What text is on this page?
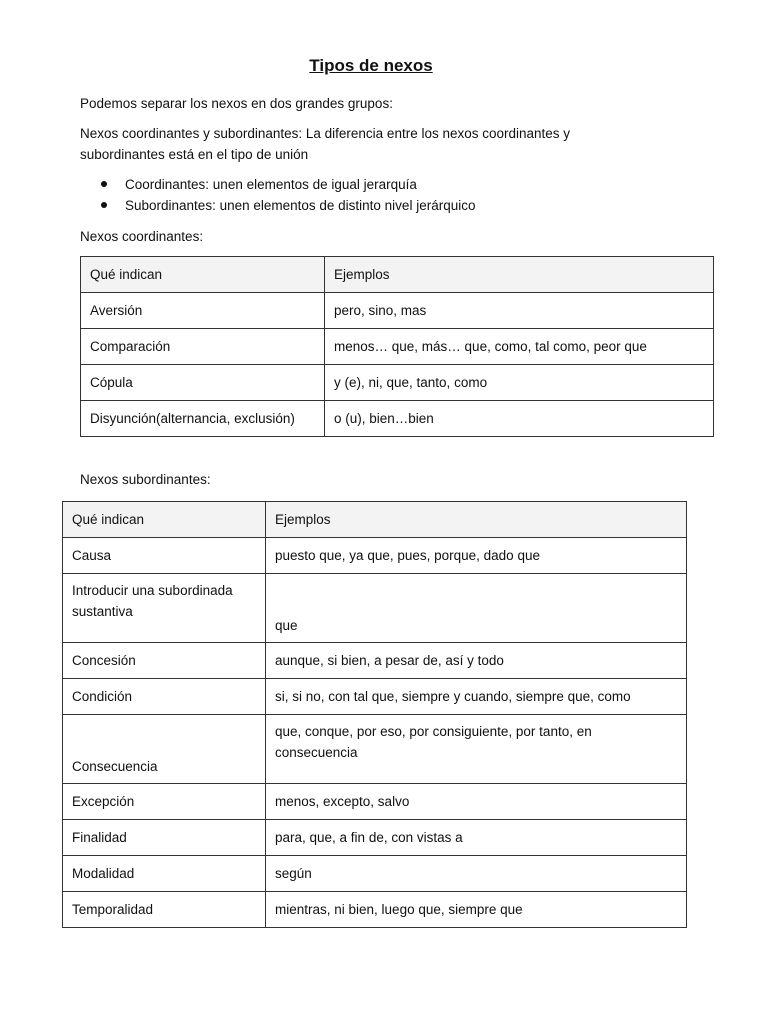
Tipos de nexos
Podemos separar los nexos en dos grandes grupos:
Nexos coordinantes y subordinantes: La diferencia entre los nexos coordinantes y
subordinantes está en el tipo de unión
Coordinantes: unen elementos de igual jerarquía
Subordinantes: unen elementos de distinto nivel jerárquico
Nexos coordinantes:
Qué indican	Ejemplos
Aversión	pero, sino, mas
Comparación	menos… que, más… que, como, tal como, peor que
Cópula	y (e), ni, que, tanto, como
Disyunción(alternancia, exclusión)	o (u), bien…bien
Nexos subordinantes:
Qué indican	Ejemplos
Causa	puesto que, ya que, pues, porque, dado que
Introducir una subordinada sustantiva	que
Concesión	aunque, si bien, a pesar de, así y todo
Condición	si, si no, con tal que, siempre y cuando, siempre que, como
Consecuencia	que, conque, por eso, por consiguiente, por tanto, en consecuencia
Excepción	menos, excepto, salvo
Finalidad	para, que, a fin de, con vistas a
Modalidad	según
Temporalidad	mientras, ni bien, luego que, siempre que
